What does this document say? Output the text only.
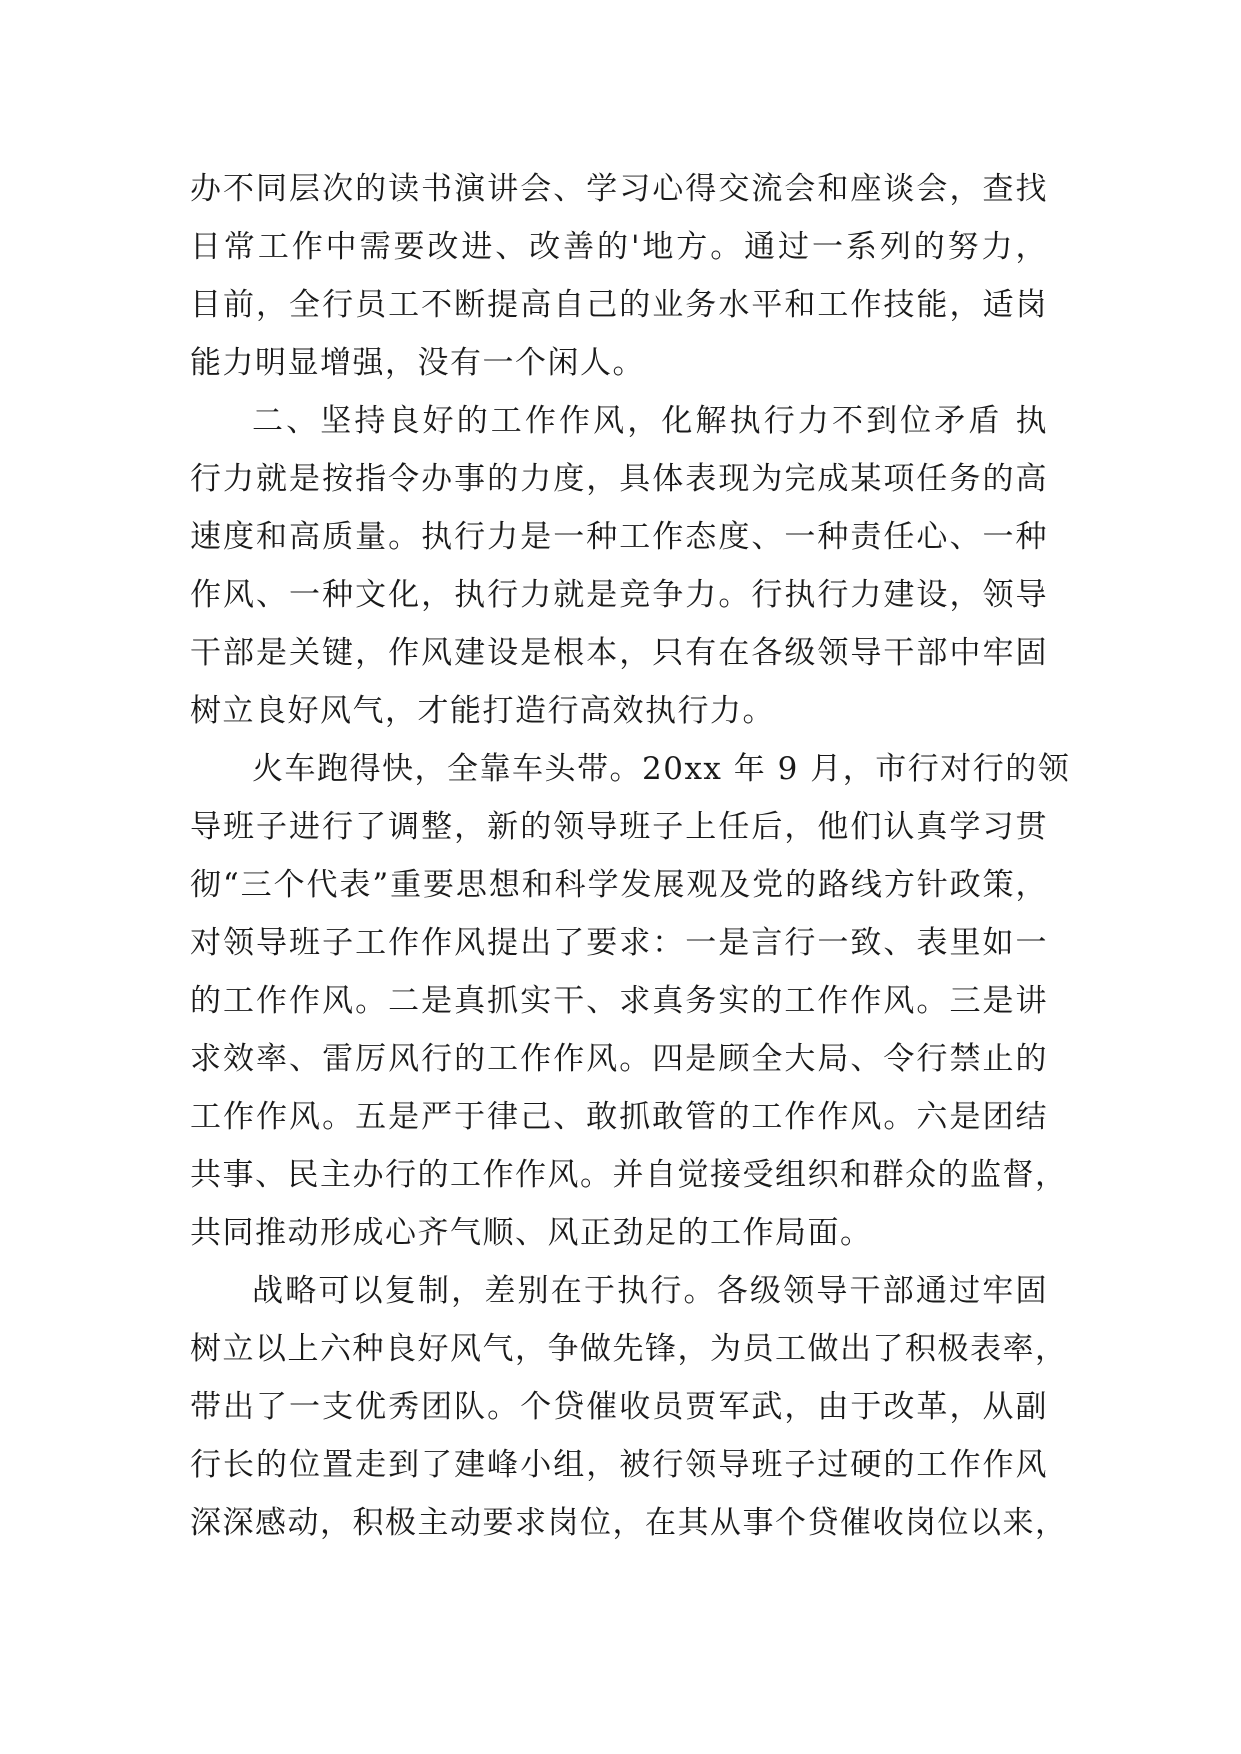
办不同层次的读书演讲会、学习心得交流会和座谈会，查找
日常工作中需要改进、改善的'地方。通过一系列的努力，
目前，全行员工不断提高自己的业务水平和工作技能，适岗
能力明显增强，没有一个闲人。
二、坚持良好的工作作风，化解执行力不到位矛盾 执
行力就是按指令办事的力度，具体表现为完成某项任务的高
速度和高质量。执行力是一种工作态度、一种责任心、一种
作风、一种文化，执行力就是竞争力。行执行力建设，领导
干部是关键，作风建设是根本，只有在各级领导干部中牢固
树立良好风气，才能打造行高效执行力。
火车跑得快，全靠车头带。20xx 年 9 月，市行对行的领
导班子进行了调整，新的领导班子上任后，他们认真学习贯
彻“三个代表”重要思想和科学发展观及党的路线方针政策，
对领导班子工作作风提出了要求：一是言行一致、表里如一
的工作作风。二是真抓实干、求真务实的工作作风。三是讲
求效率、雷厉风行的工作作风。四是顾全大局、令行禁止的
工作作风。五是严于律己、敢抓敢管的工作作风。六是团结
共事、民主办行的工作作风。并自觉接受组织和群众的监督，
共同推动形成心齐气顺、风正劲足的工作局面。
战略可以复制，差别在于执行。各级领导干部通过牢固
树立以上六种良好风气，争做先锋，为员工做出了积极表率，
带出了一支优秀团队。个贷催收员贾军武，由于改革，从副
行长的位置走到了建峰小组，被行领导班子过硬的工作作风
深深感动，积极主动要求岗位，在其从事个贷催收岗位以来，
